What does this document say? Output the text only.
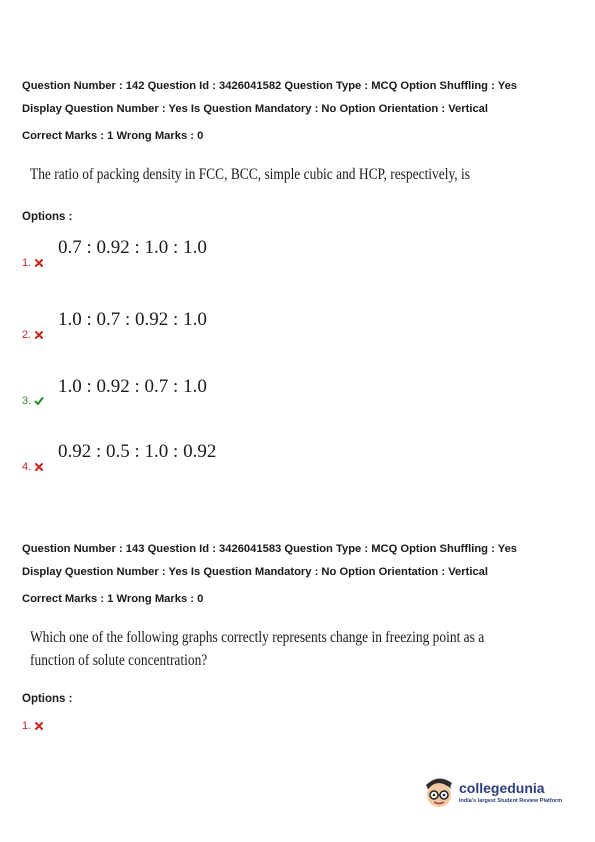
Question Number : 142 Question Id : 3426041582 Question Type : MCQ Option Shuffling : Yes
Display Question Number : Yes Is Question Mandatory : No Option Orientation : Vertical
Correct Marks : 1 Wrong Marks : 0
The ratio of packing density in FCC, BCC, simple cubic and HCP, respectively, is
Options :
0.7 : 0.92 : 1.0 : 1.0
1.
1.0 : 0.7 : 0.92 : 1.0
2.
1.0 : 0.92 : 0.7 : 1.0
3.
0.92 : 0.5 : 1.0 : 0.92
4.
Question Number : 143 Question Id : 3426041583 Question Type : MCQ Option Shuffling : Yes
Display Question Number : Yes Is Question Mandatory : No Option Orientation : Vertical
Correct Marks : 1 Wrong Marks : 0
Which one of the following graphs correctly represents change in freezing point as a
function of solute concentration?
Options :
1.
collegedunia
India's largest Student Review Platform
